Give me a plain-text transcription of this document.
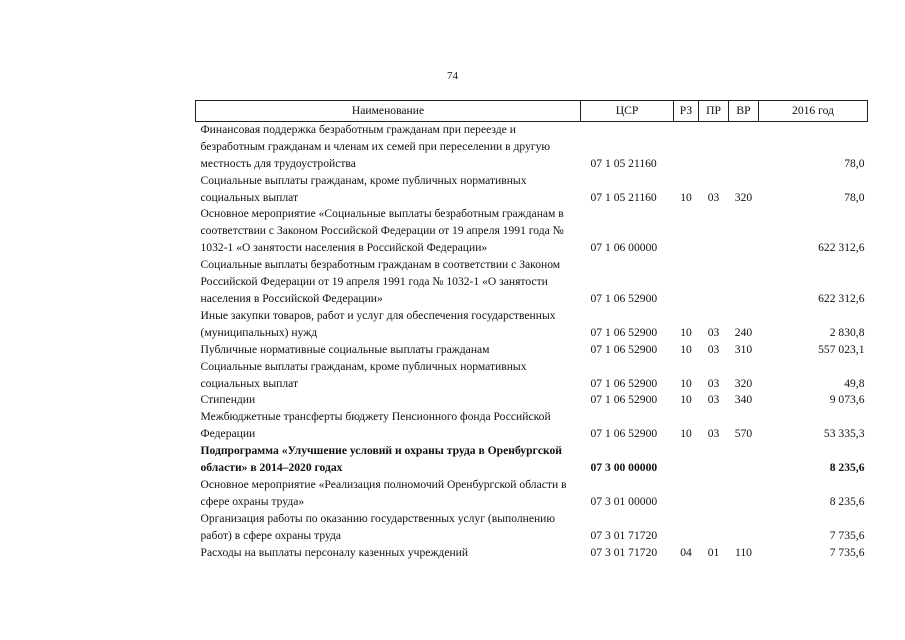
74
Наименование	ЦСР	РЗ	ПР	ВР	2016 год
Финансовая поддержка безработным гражданам при переезде и безработным гражданам и членам их семей при переселении в другую местность для трудоустройства	07 1 05 21160				78,0
Социальные выплаты гражданам, кроме публичных нормативных социальных выплат	07 1 05 21160	10	03	320	78,0
Основное мероприятие «Социальные выплаты безработным гражданам в соответствии с Законом Российской Федерации от 19 апреля 1991 года № 1032-1 «О занятости населения в Российской Федерации»	07 1 06 00000				622 312,6
Социальные выплаты безработным гражданам в соответствии с Законом Российской Федерации от 19 апреля 1991 года № 1032-1 «О занятости населения в Российской Федерации»	07 1 06 52900				622 312,6
Иные закупки товаров, работ и услуг для обеспечения государственных (муниципальных) нужд	07 1 06 52900	10	03	240	2 830,8
Публичные нормативные социальные выплаты гражданам	07 1 06 52900	10	03	310	557 023,1
Социальные выплаты гражданам, кроме публичных нормативных социальных выплат	07 1 06 52900	10	03	320	49,8
Стипендии	07 1 06 52900	10	03	340	9 073,6
Межбюджетные трансферты бюджету Пенсионного фонда Российской Федерации	07 1 06 52900	10	03	570	53 335,3
Подпрограмма «Улучшение условий и охраны труда в Оренбургской области» в 2014–2020 годах	07 3 00 00000				8 235,6
Основное мероприятие «Реализация полномочий Оренбургской области в сфере охраны труда»	07 3 01 00000				8 235,6
Организация работы по оказанию государственных услуг (выполнению работ) в сфере охраны труда	07 3 01 71720				7 735,6
Расходы на выплаты персоналу казенных учреждений	07 3 01 71720	04	01	110	7 735,6
